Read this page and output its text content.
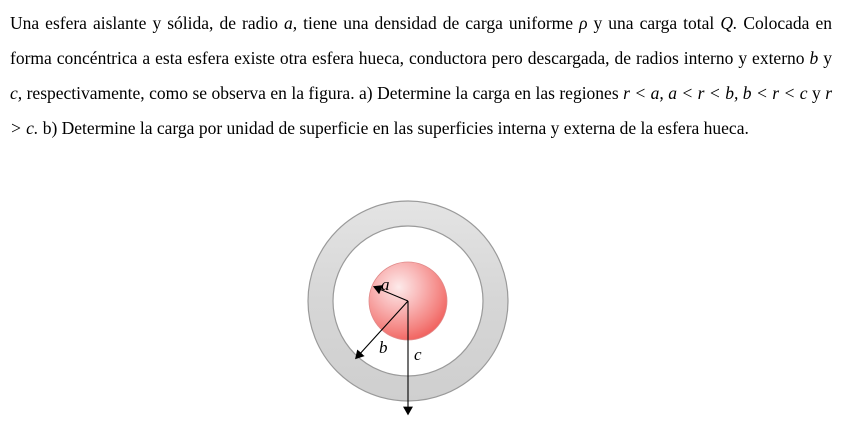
Una esfera aislante y sólida, de radio a, tiene una densidad de carga uniforme ρ y una carga total Q. Colocada en forma concéntrica a esta esfera existe otra esfera hueca, conductora pero descargada, de radios interno y externo b y c, respectivamente, como se observa en la figura. a) Determine la carga en las regiones r < a, a < r < b, b < r < c y r > c. b) Determine la carga por unidad de superficie en las superficies interna y externa de la esfera hueca.
a
b c
